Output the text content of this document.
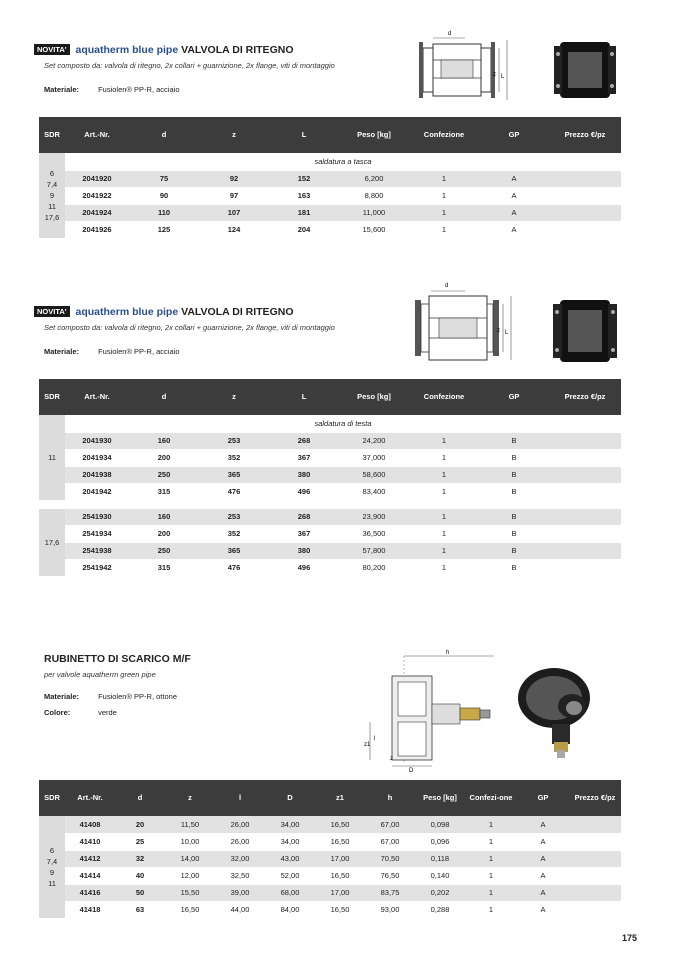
NOVITA' aquatherm blue pipe VALVOLA DI RITEGNO
Set composto da: valvola di ritegno, 2x collari + guarnizione, 2x flange, viti di montaggio
Materiale:	Fusiolen® PP-R, acciaio
d
z L
SDR	Art.-Nr.	d	z	L	Peso [kg]	Confezione	GP	Prezzo €/pz
6
7,4
9
11
17,6	saldatura a tasca							
	2041920	75	92	152	6,200	1	A	
	2041922	90	97	163	8,800	1	A	
	2041924	110	107	181	11,000	1	A	
	2041926	125	124	204	15,600	1	A	
NOVITA' aquatherm blue pipe VALVOLA DI RITEGNO
Set composto da: valvola di ritegno, 2x collari + guarnizione, 2x flange, viti di montaggio
Materiale:	Fusiolen® PP-R, acciaio
d
z L
SDR	Art.-Nr.	d	z	L	Peso [kg]	Confezione	GP	Prezzo €/pz
11	saldatura di testa							
	2041930	160	253	268	24,200	1	B	
	2041934	200	352	367	37,000	1	B	
	2041938	250	365	380	58,600	1	B	
	2041942	315	476	496	83,400	1	B	

17,6	2541930	160	253	268	23,900	1	B	
	2541934	200	352	367	36,500	1	B	
	2541938	250	365	380	57,800	1	B	
	2541942	315	476	496	80,200	1	B	
RUBINETTO DI SCARICO M/F
per valvole aquatherm green pipe
Materiale:	Fusiolen® PP-R, ottone
Colore:	verde
h
z1
l
z
D
SDR	Art.-Nr.	d	z	l	D	z1	h	Peso [kg]	Confezi-one	GP	Prezzo €/pz
6
7,4
9
11	41408	20	11,50	26,00	34,00	16,50	67,00	0,098	1	A	
	41410	25	10,00	26,00	34,00	16,50	67,00	0,096	1	A	
	41412	32	14,00	32,00	43,00	17,00	70,50	0,118	1	A	
	41414	40	12,00	32,50	52,00	16,50	76,50	0,140	1	A	
	41416	50	15,50	39,00	68,00	17,00	83,75	0,202	1	A	
	41418	63	16,50	44,00	84,00	16,50	93,00	0,288	1	A	
175
